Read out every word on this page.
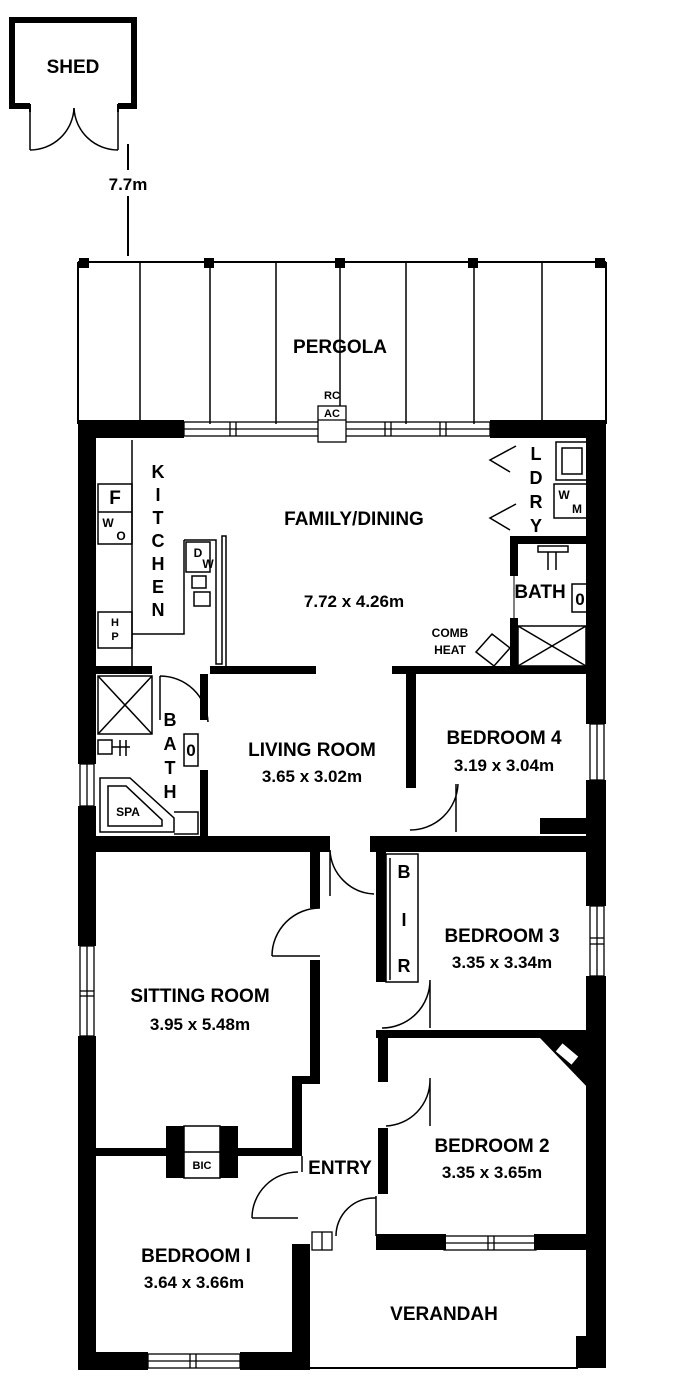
SHED
7.7m
PERGOLA
VERANDAH
RC
AC
BIC
B
I
R
F
W
O
D
W
H
P
K
I
T
C
H
E
N
FAMILY/DINING
7.72 x 4.26m
L
D
R
Y
W
M
BATH 0
COMB
HEAT
B
A
T
H
0
SPA
LIVING ROOM
3.65 x 3.02m
BEDROOM 4
3.19 x 3.04m
BEDROOM 3
3.35 x 3.34m
SITTING ROOM
3.95 x 5.48m
ENTRY
BEDROOM 2
3.35 x 3.65m
BEDROOM I
3.64 x 3.66m
